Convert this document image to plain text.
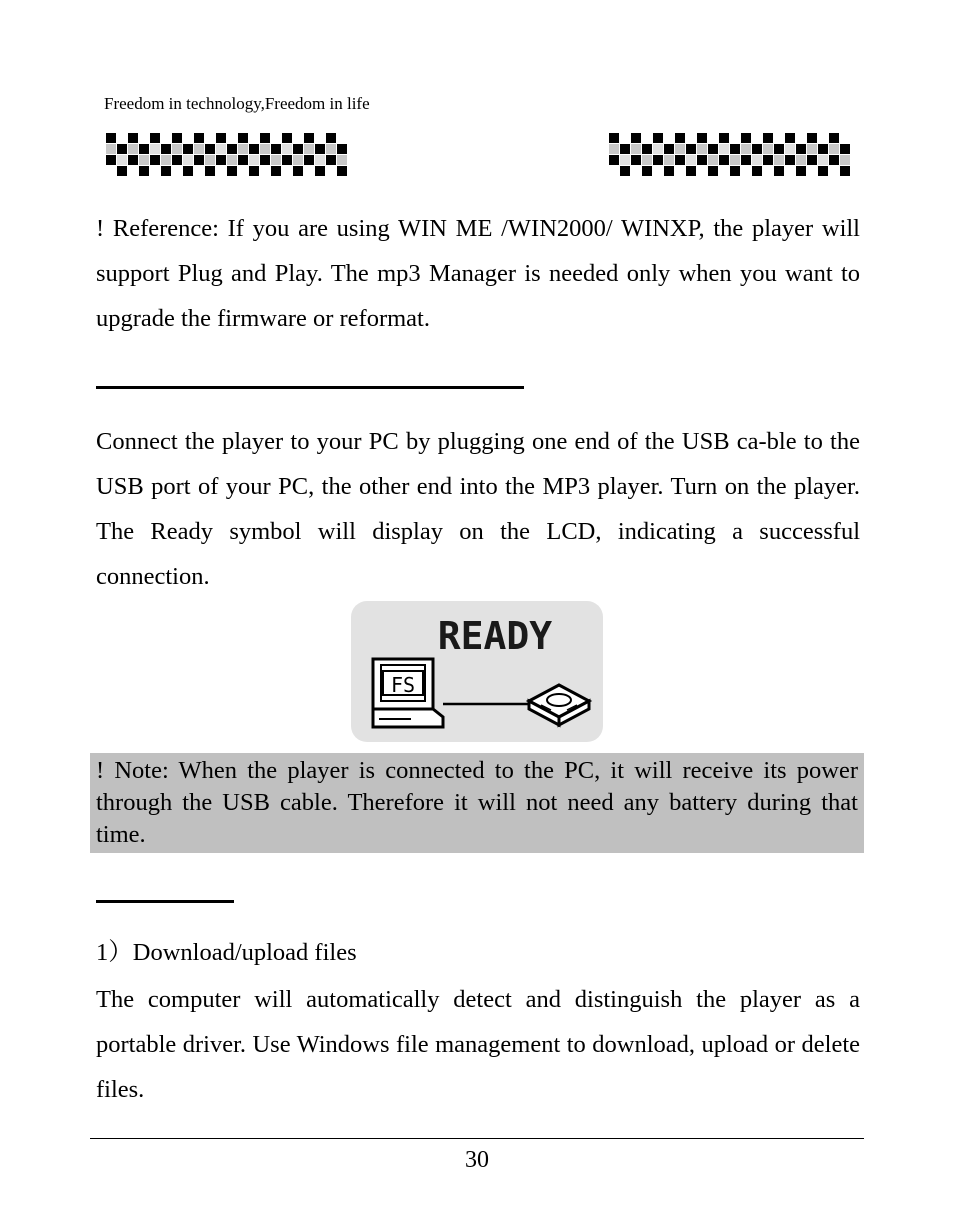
Freedom in technology,Freedom in life

! Reference: If you are using WIN ME /WIN2000/ WINXP, the player will support Plug and Play. The mp3 Manager is needed only when you want to upgrade the firmware or reformat.

Connect the player to your PC by plugging one end of the USB ca-ble to the USB port of your PC, the other end into the MP3 player. Turn on the player. The Ready symbol will display on the LCD, indicating a successful connection.

READY
FS

! Note: When the player is connected to the PC, it will receive its power through the USB cable. Therefore it will not need any battery during that time.

1）Download/upload files

The computer will automatically detect and distinguish the player as a portable driver. Use Windows file management to download, upload or delete files.

30
